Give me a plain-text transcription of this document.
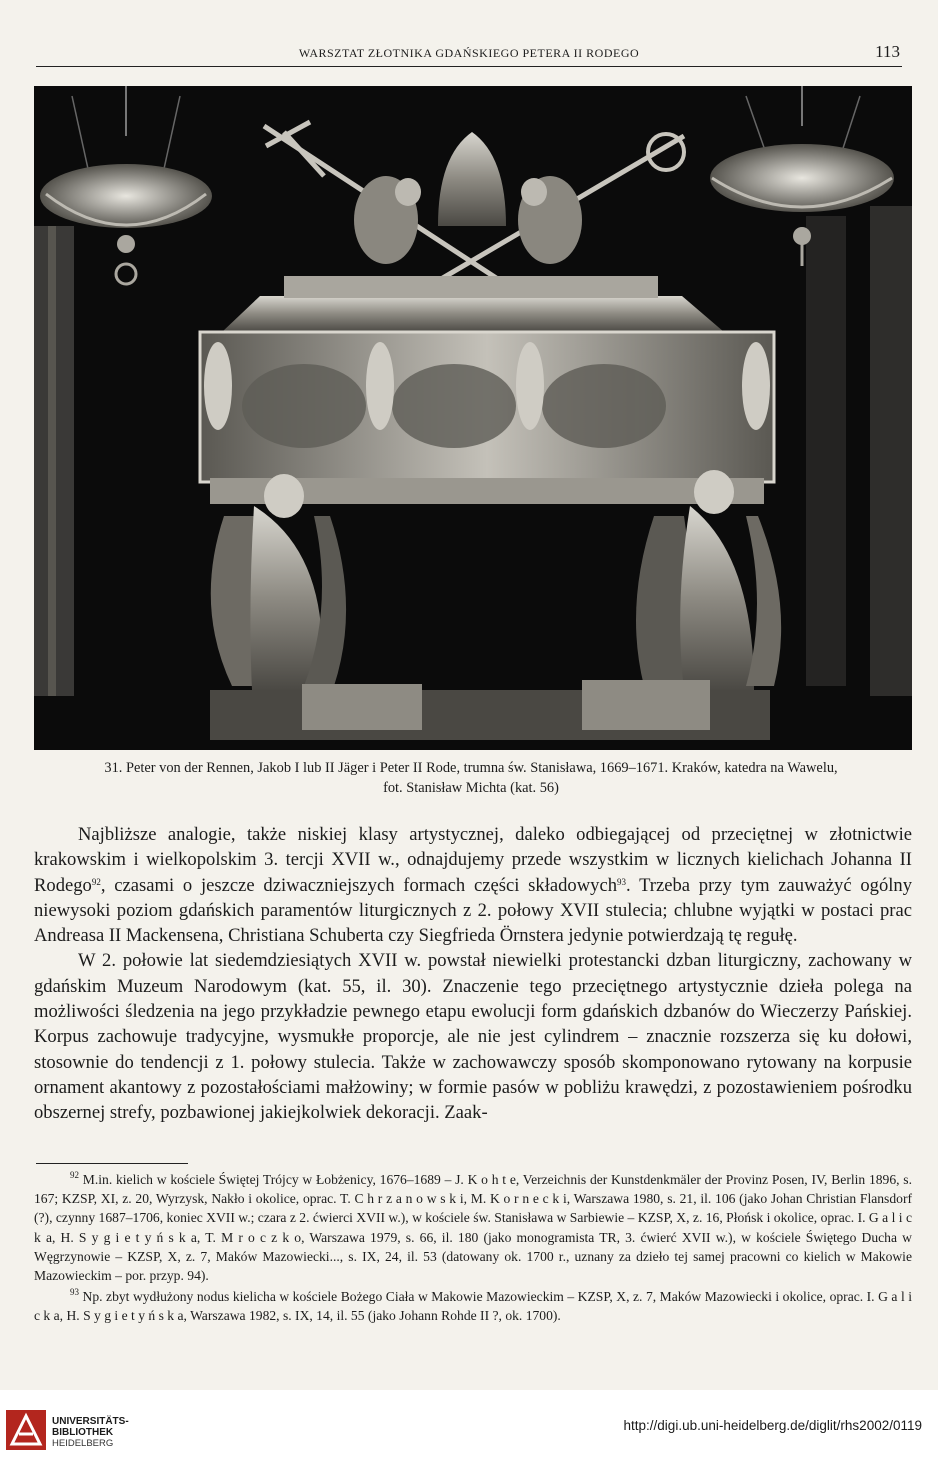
WARSZTAT ZŁOTNIKA GDAŃSKIEGO PETERA II RODEGO	113
31. Peter von der Rennen, Jakob I lub II Jäger i Peter II Rode, trumna św. Stanisława, 1669–1671. Kraków, katedra na Wawelu,
fot. Stanisław Michta (kat. 56)

Najbliższe analogie, także niskiej klasy artystycznej, daleko odbiegającej od przeciętnej w złotnictwie krakowskim i wielkopolskim 3. tercji XVII w., odnajdujemy przede wszystkim w licznych kielichach Johanna II Rodego$^{92}$, czasami o jeszcze dziwaczniejszych formach części składowych$^{93}$. Trzeba przy tym zauważyć ogólny niewysoki poziom gdańskich paramentów liturgicznych z 2. połowy XVII stulecia; chlubne wyjątki w postaci prac Andreasa II Mackensena, Christiana Schuberta czy Siegfrieda Örnstera jedynie potwierdzają tę regułę.

W 2. połowie lat siedemdziesiątych XVII w. powstał niewielki protestancki dzban liturgiczny, zachowany w gdańskim Muzeum Narodowym (kat. 55, il. 30). Znaczenie tego przeciętnego artystycznie dzieła polega na możliwości śledzenia na jego przykładzie pewnego etapu ewolucji form gdańskich dzbanów do Wieczerzy Pańskiej. Korpus zachowuje tradycyjne, wysmukłe proporcje, ale nie jest cylindrem – znacznie rozszerza się ku dołowi, stosownie do tendencji z 1. połowy stulecia. Także w zachowawczy sposób skomponowano rytowany na korpusie ornament akantowy z pozostałościami małżowiny; w formie pasów w pobliżu krawędzi, z pozostawieniem pośrodku obszernej strefy, pozbawionej jakiejkolwiek dekoracji. Zaak-

$^{92}$ M.in. kielich w kościele Świętej Trójcy w Łobżenicy, 1676–1689 – J. K o h t e, Verzeichnis der Kunstdenkmäler der Provinz Posen, IV, Berlin 1896, s. 167; KZSP, XI, z. 20, Wyrzysk, Nakło i okolice, oprac. T. C h r z a n o w s k i, M. K o r n e c k i, Warszawa 1980, s. 21, il. 106 (jako Johan Christian Flansdorf (?), czynny 1687–1706, koniec XVII w.; czara z 2. ćwierci XVII w.), w kościele św. Stanisława w Sarbiewie – KZSP, X, z. 16, Płońsk i okolice, oprac. I. G a l i c k a, H. S y g i e t y ń s k a, T. M r o c z k o, Warszawa 1979, s. 66, il. 180 (jako monogramista TR, 3. ćwierć XVII w.), w kościele Świętego Ducha w Węgrzynowie – KZSP, X, z. 7, Maków Mazowiecki..., s. IX, 24, il. 53 (datowany ok. 1700 r., uznany za dzieło tej samej pracowni co kielich w Makowie Mazowieckim – por. przyp. 94).

$^{93}$ Np. zbyt wydłużony nodus kielicha w kościele Bożego Ciała w Makowie Mazowieckim – KZSP, X, z. 7, Maków Mazowiecki i okolice, oprac. I. G a l i c k a, H. S y g i e t y ń s k a, Warszawa 1982, s. IX, 14, il. 55 (jako Johann Rohde II ?, ok. 1700).

UNIVERSITÄTS-
BIBLIOTHEK
HEIDELBERG
http://digi.ub.uni-heidelberg.de/diglit/rhs2002/0119
